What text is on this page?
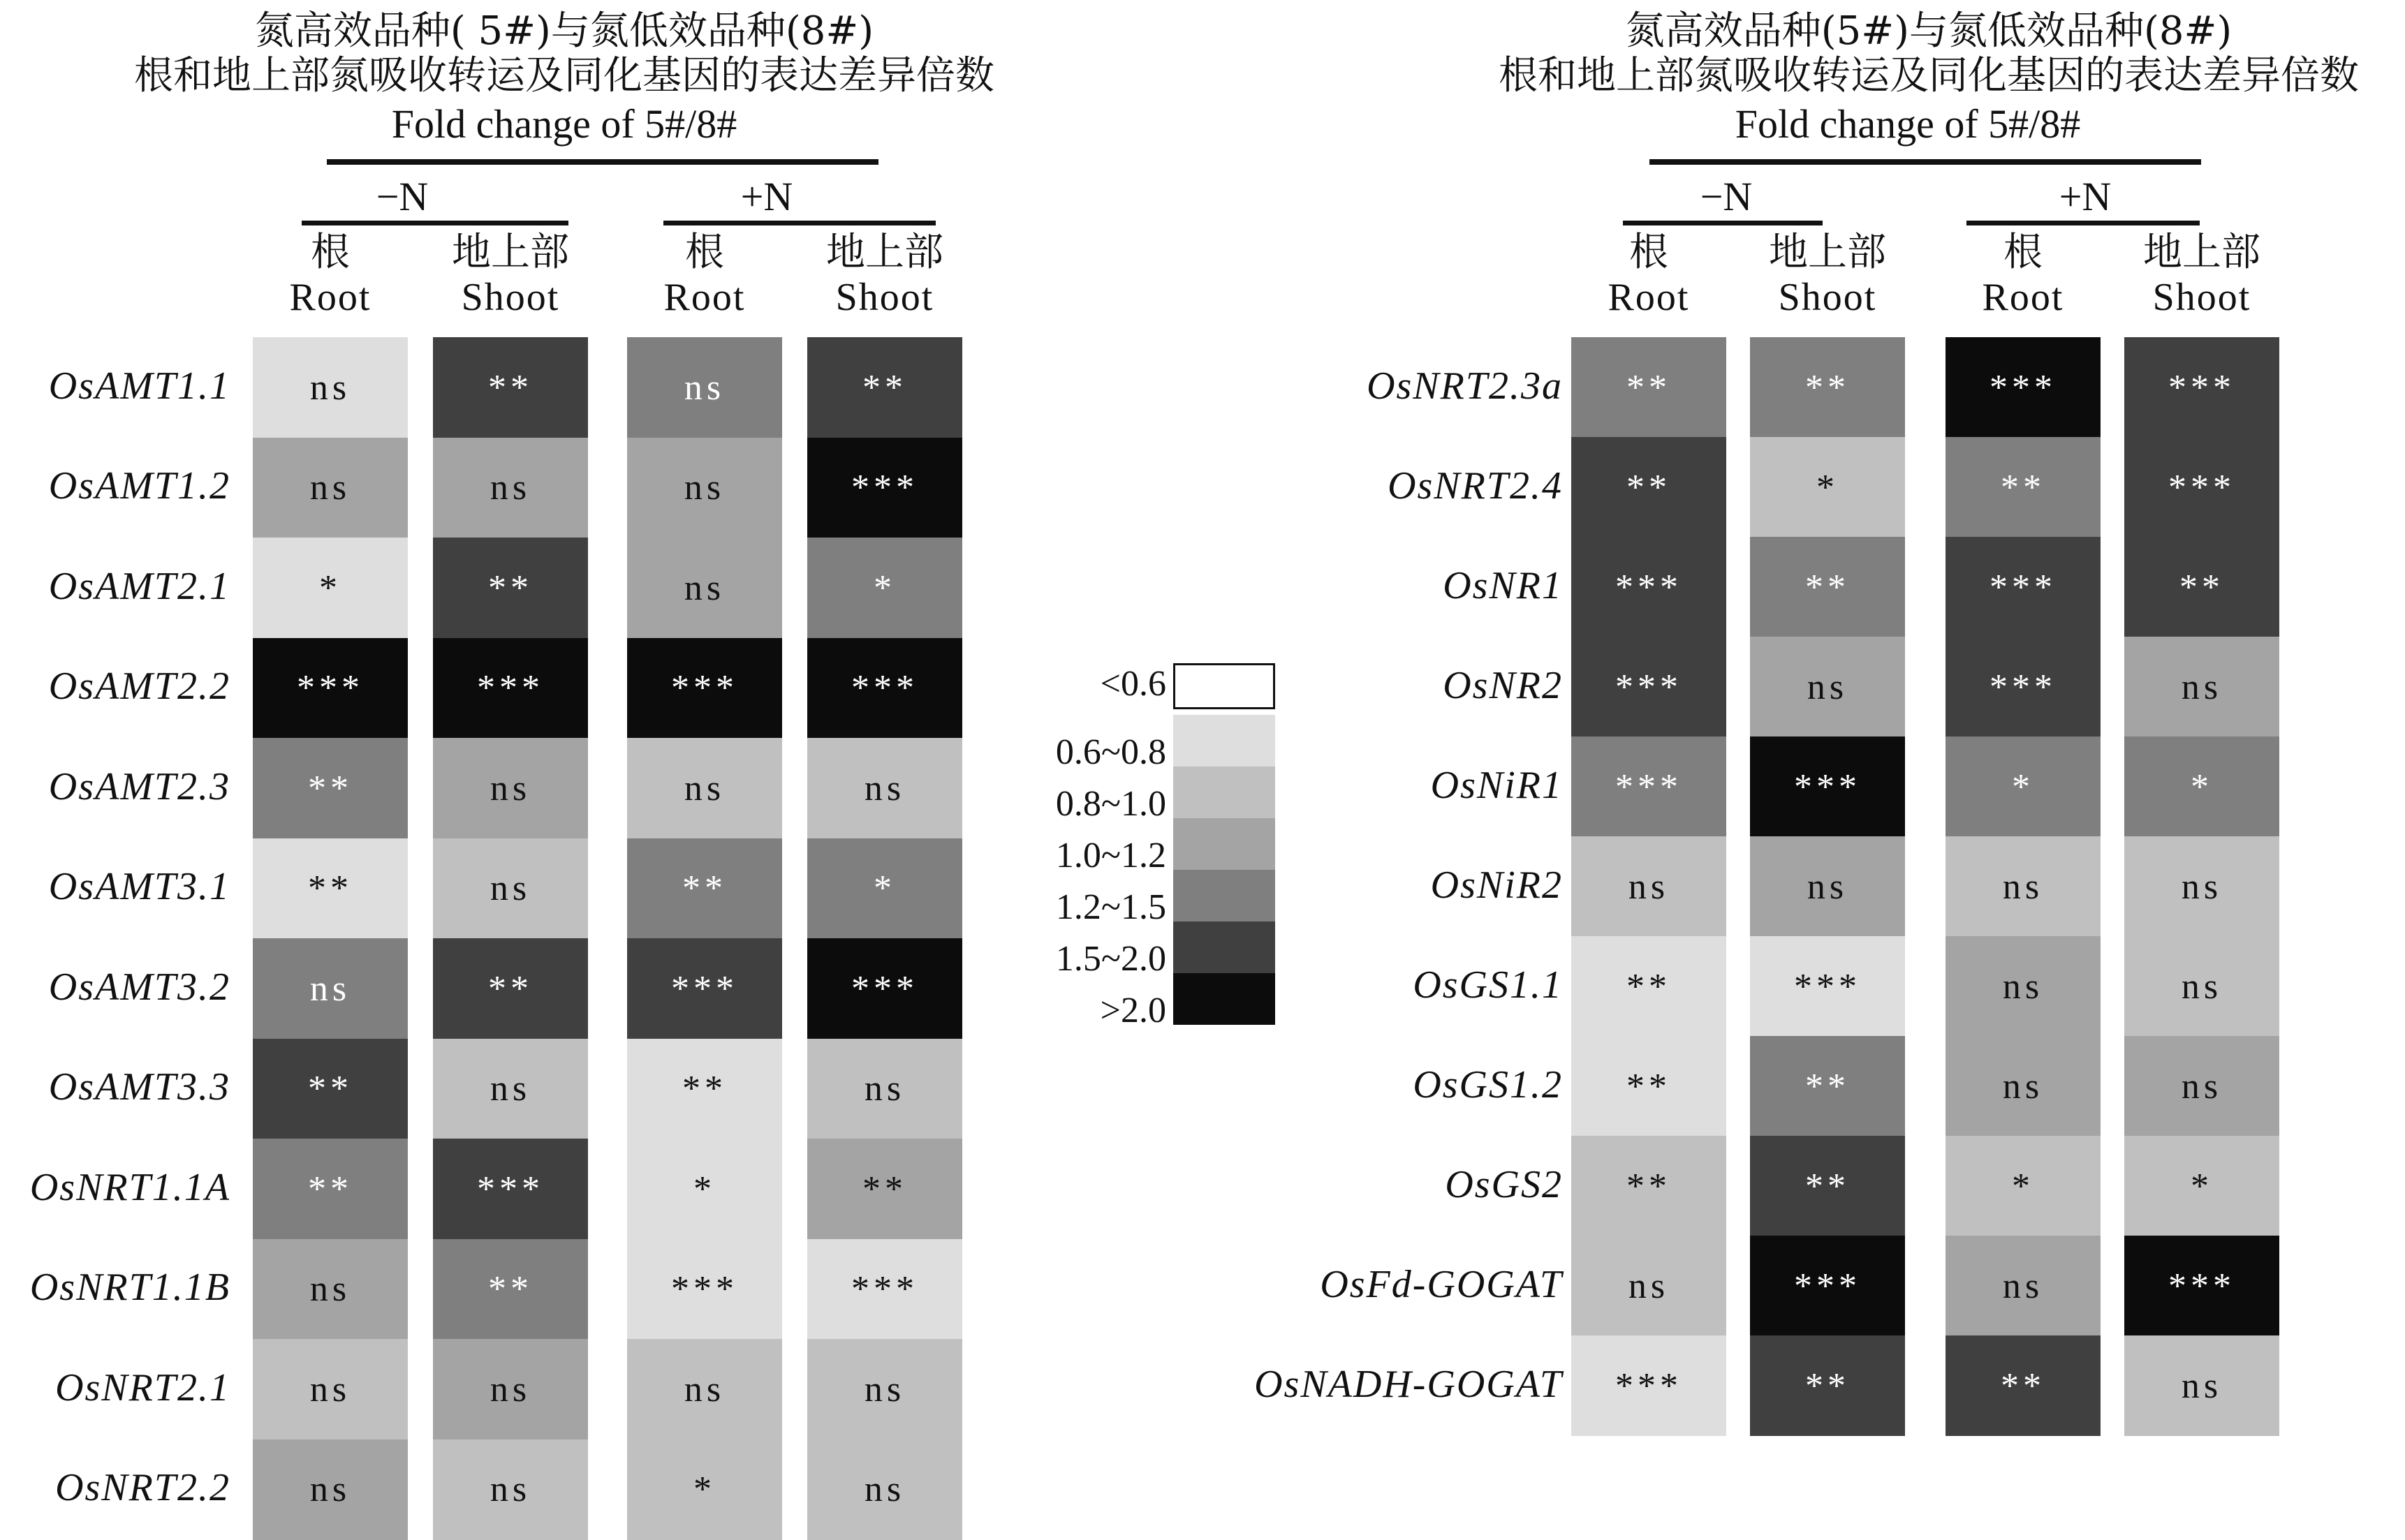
氮高效品种( 5#)与氮低效品种(8#)
根和地上部氮吸收转运及同化基因的表达差异倍数
Fold change of 5#/8#
−N	+N
根
Root
地上部
Shoot
根
Root
地上部
Shoot
OsAMT1.1	ns	**	ns	**
OsAMT1.2	ns	ns	ns	***
OsAMT2.1	*	**	ns	*
OsAMT2.2	***	***	***	***
OsAMT2.3	**	ns	ns	ns
OsAMT3.1	**	ns	**	*
OsAMT3.2	ns	**	***	***
OsAMT3.3	**	ns	**	ns
OsNRT1.1A	**	***	*	**
OsNRT1.1B	ns	**	***	***
OsNRT2.1	ns	ns	ns	ns
OsNRT2.2	ns	ns	*	ns
氮高效品种(5#)与氮低效品种(8#)
根和地上部氮吸收转运及同化基因的表达差异倍数
Fold change of 5#/8#
−N	+N
根
Root
地上部
Shoot
根
Root
地上部
Shoot
OsNRT2.3a	**	**	***	***
OsNRT2.4	**	*	**	***
OsNR1	***	**	***	**
OsNR2	***	ns	***	ns
OsNiR1	***	***	*	*
OsNiR2	ns	ns	ns	ns
OsGS1.1	**	***	ns	ns
OsGS1.2	**	**	ns	ns
OsGS2	**	**	*	*
OsFd-GOGAT	ns	***	ns	***
OsNADH-GOGAT	***	**	**	ns
<0.6
0.6~0.8
0.8~1.0
1.0~1.2
1.2~1.5
1.5~2.0
>2.0
